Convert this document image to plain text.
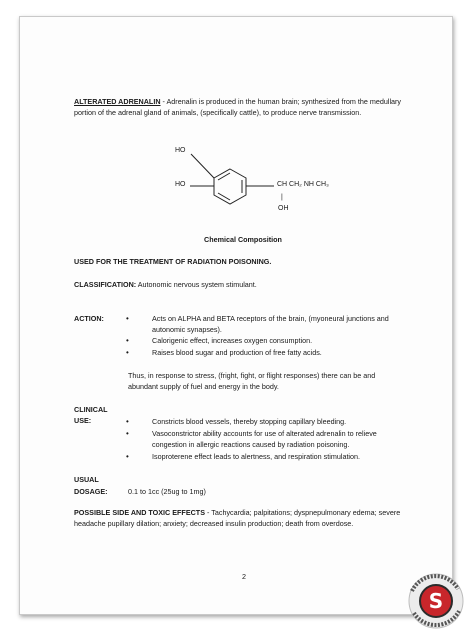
ALTERATED ADRENALIN - Adrenalin is produced in the human brain; synthesized from the medullary
portion of the adrenal gland of animals, (specifically cattle), to produce nerve transmission.
HO
HO	CH CH₂ NH CH₃
|
OH
Chemical Composition
USED FOR THE TREATMENT OF RADIATION POISONING.
CLASSIFICATION: Autonomic nervous system stimulant.
ACTION:	•	Acts on ALPHA and BETA receptors of the brain, (myoneural junctions and
autonomic synapses).
•	Calorigenic effect, increases oxygen consumption.
•	Raises blood sugar and production of free fatty acids.
Thus, in response to stress, (fright, fight, or flight responses) there can be and
abundant supply of fuel and energy in the body.
CLINICAL
USE:	•	Constricts blood vessels, thereby stopping capillary bleeding.
•	Vasoconstrictor ability accounts for use of alterated adrenalin to relieve
congestion in allergic reactions caused by radiation poisoning.
•	Isoproterene effect leads to alertness, and respiration stimulation.
USUAL
DOSAGE:	0.1 to 1cc (25ug to 1mg)
POSSIBLE SIDE AND TOXIC EFFECTS - Tachycardia; palpitations; dyspnepulmonary edema; severe
headache pupillary dilation; anxiety; decreased insulin production; death from overdose.
2
S
